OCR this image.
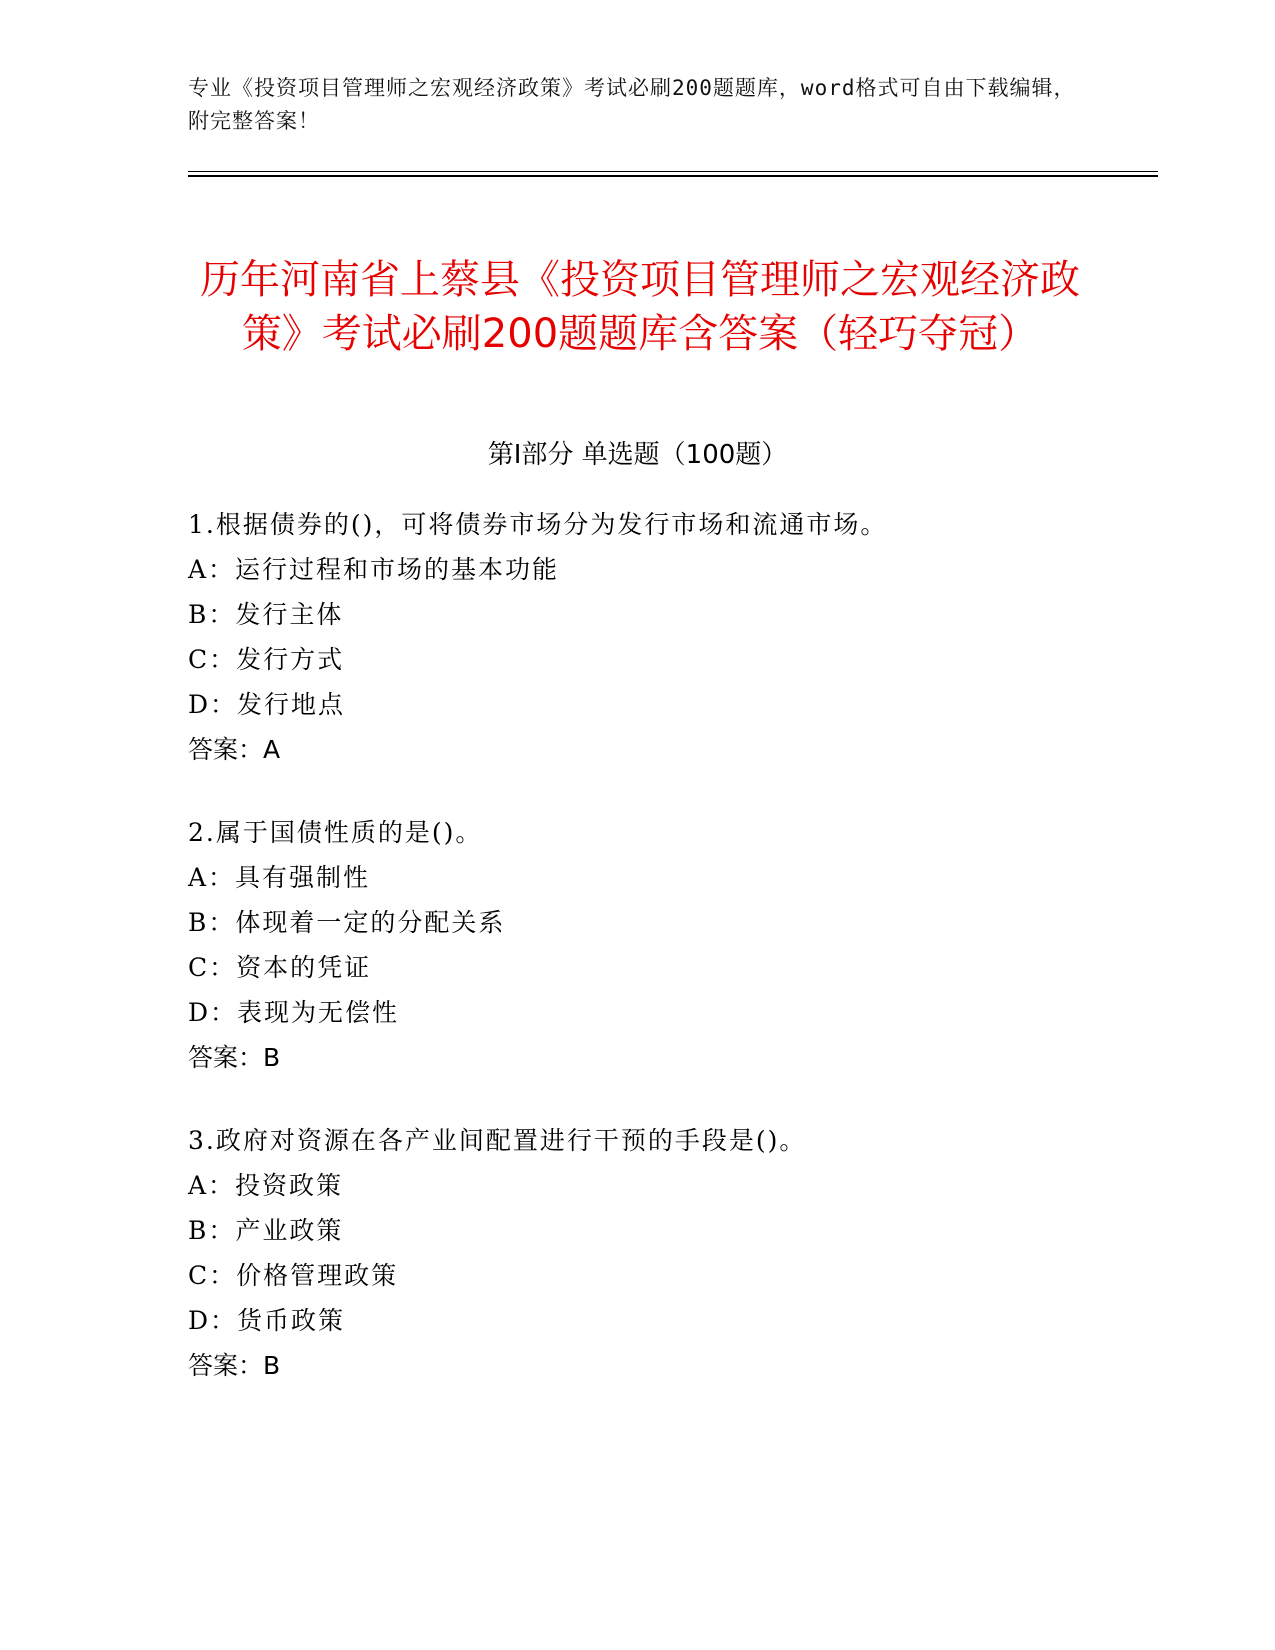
专业《投资项目管理师之宏观经济政策》考试必刷200题题库，word格式可自由下载编辑，附完整答案！
历年河南省上蔡县《投资项目管理师之宏观经济政策》考试必刷200题题库含答案（轻巧夺冠）
第I部分 单选题（100题）
1.根据债券的()，可将债券市场分为发行市场和流通市场。
A：运行过程和市场的基本功能
B：发行主体
C：发行方式
D：发行地点
答案：A
2.属于国债性质的是()。
A：具有强制性
B：体现着一定的分配关系
C：资本的凭证
D：表现为无偿性
答案：B
3.政府对资源在各产业间配置进行干预的手段是()。
A：投资政策
B：产业政策
C：价格管理政策
D：货币政策
答案：B
